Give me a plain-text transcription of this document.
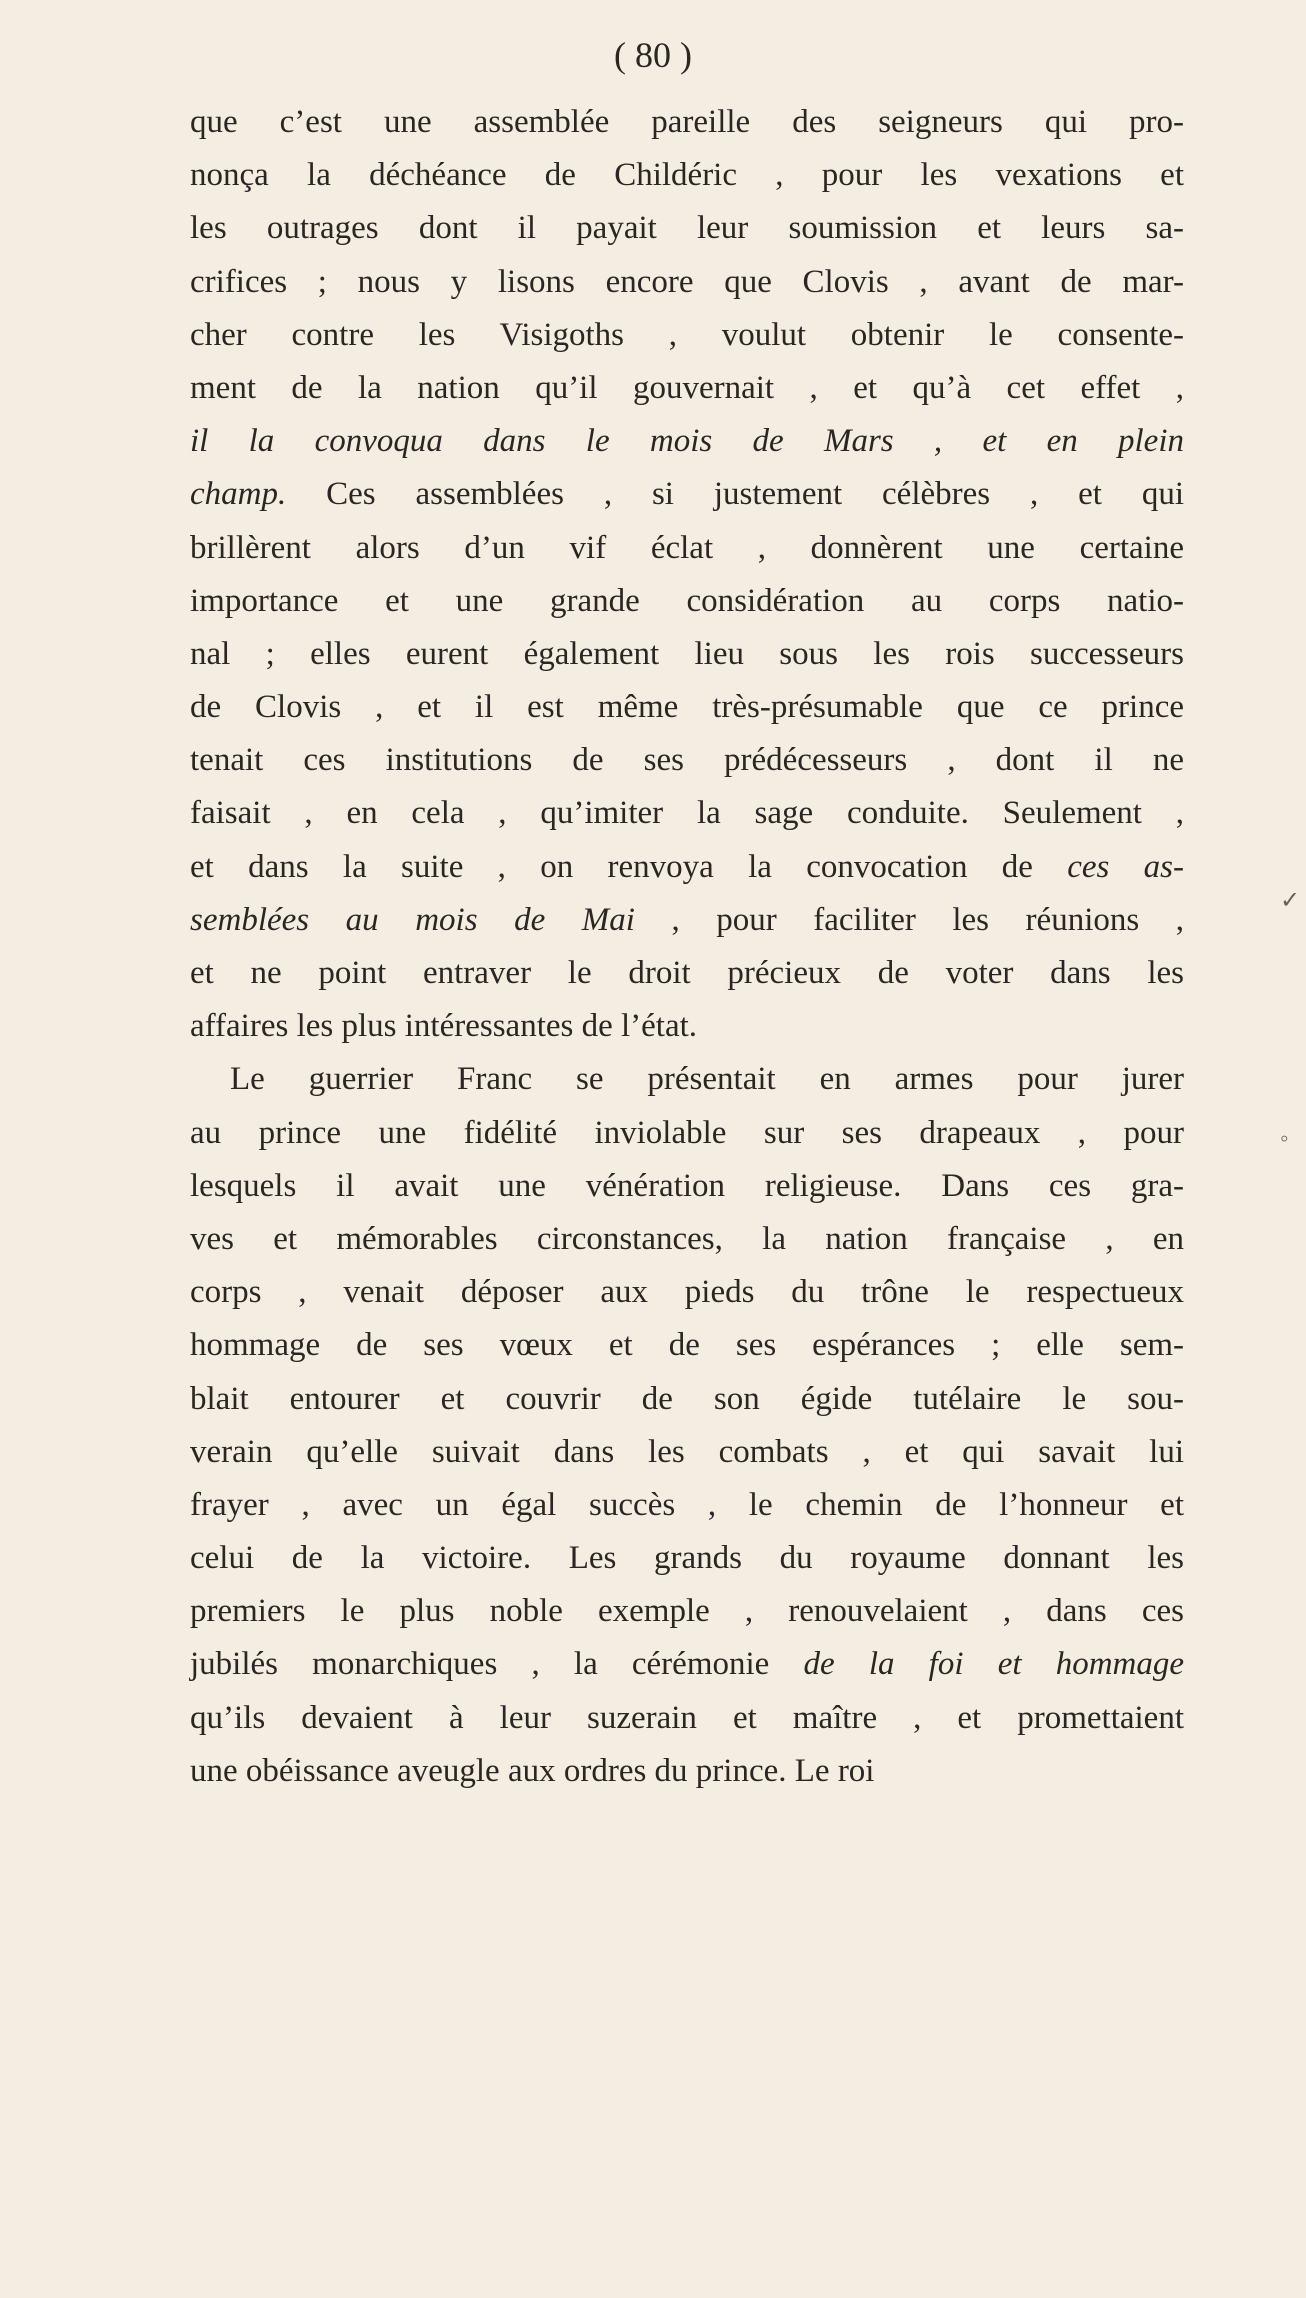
( 80 )
que c’est une assemblée pareille des seigneurs qui pro-
nonça la déchéance de Childéric , pour les vexations et
les outrages dont il payait leur soumission et leurs sa-
crifices ; nous y lisons encore que Clovis , avant de mar-
cher contre les Visigoths , voulut obtenir le consente-
ment de la nation qu’il gouvernait , et qu’à cet effet ,
il la convoqua dans le mois de Mars , et en plein
champ. Ces assemblées , si justement célèbres , et qui
brillèrent alors d’un vif éclat , donnèrent une certaine
importance et une grande considération au corps natio-
nal ; elles eurent également lieu sous les rois successeurs
de Clovis , et il est même très-présumable que ce prince
tenait ces institutions de ses prédécesseurs , dont il ne
faisait , en cela , qu’imiter la sage conduite. Seulement ,
et dans la suite , on renvoya la convocation de ces as-
semblées au mois de Mai , pour faciliter les réunions ,
et ne point entraver le droit précieux de voter dans les
affaires les plus intéressantes de l’état.
Le guerrier Franc se présentait en armes pour jurer
au prince une fidélité inviolable sur ses drapeaux , pour
lesquels il avait une vénération religieuse. Dans ces gra-
ves et mémorables circonstances, la nation française , en
corps , venait déposer aux pieds du trône le respectueux
hommage de ses vœux et de ses espérances ; elle sem-
blait entourer et couvrir de son égide tutélaire le sou-
verain qu’elle suivait dans les combats , et qui savait lui
frayer , avec un égal succès , le chemin de l’honneur et
celui de la victoire. Les grands du royaume donnant les
premiers le plus noble exemple , renouvelaient , dans ces
jubilés monarchiques , la cérémonie de la foi et hommage
qu’ils devaient à leur suzerain et maître , et promettaient
une obéissance aveugle aux ordres du prince. Le roi
✓
◦
